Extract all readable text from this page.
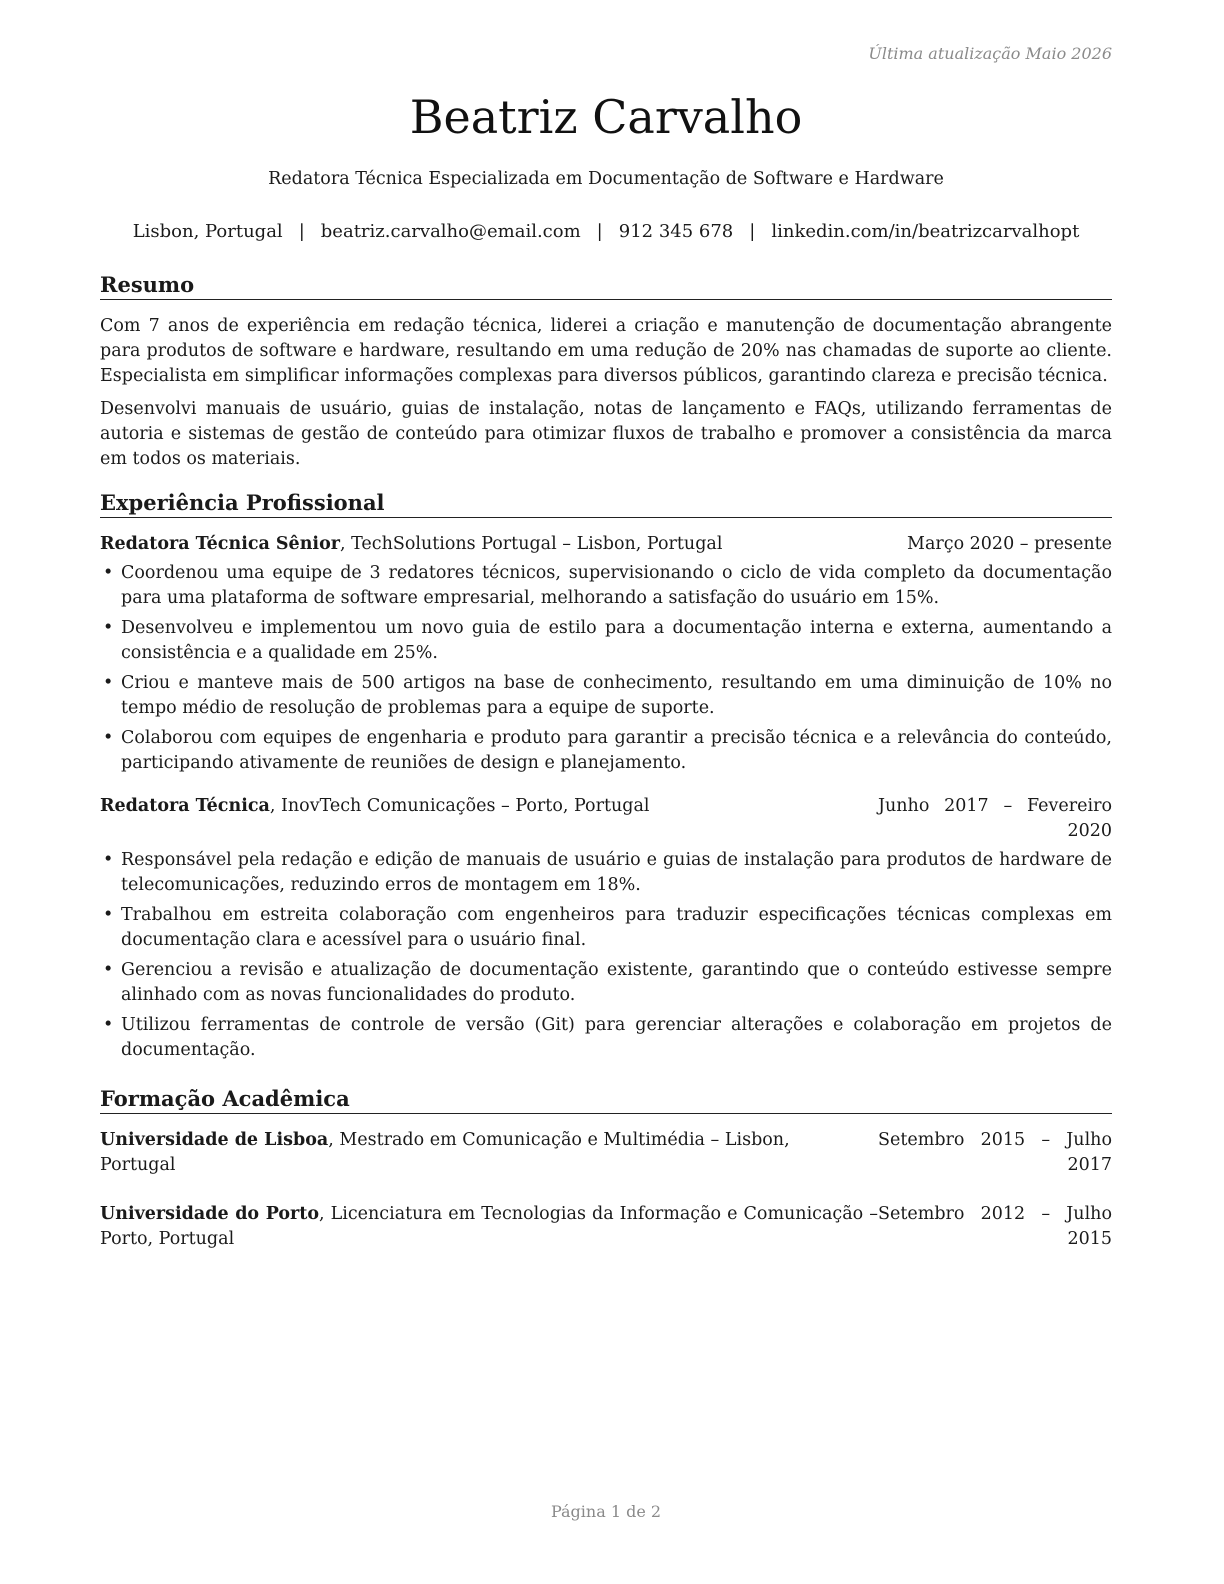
Última atualização Maio 2026
Beatriz Carvalho
Redatora Técnica Especializada em Documentação de Software e Hardware
Lisbon, Portugal | beatriz.carvalho@email.com | 912 345 678 | linkedin.com/in/beatrizcarvalhopt
Resumo

Com 7 anos de experiência em redação técnica, liderei a criação e manutenção de documentação abrangente para produtos de software e hardware, resultando em uma redução de 20% nas chamadas de suporte ao cliente. Especialista em simplificar informações complexas para diversos públicos, garantindo clareza e precisão técnica.

Desenvolvi manuais de usuário, guias de instalação, notas de lançamento e FAQs, utilizando ferramentas de autoria e sistemas de gestão de conteúdo para otimizar fluxos de trabalho e promover a consistência da marca em todos os materiais.

Experiência Profissional
Redatora Técnica Sênior, TechSolutions Portugal – Lisbon, Portugal	Março 2020 – presente
• Coordenou uma equipe de 3 redatores técnicos, supervisionando o ciclo de vida completo da documentação para uma plataforma de software empresarial, melhorando a satisfação do usuário em 15%.
• Desenvolveu e implementou um novo guia de estilo para a documentação interna e externa, aumentando a consistência e a qualidade em 25%.
• Criou e manteve mais de 500 artigos na base de conhecimento, resultando em uma diminuição de 10% no tempo médio de resolução de problemas para a equipe de suporte.
• Colaborou com equipes de engenharia e produto para garantir a precisão técnica e a relevância do conteúdo, participando ativamente de reuniões de design e planejamento.
Redatora Técnica, InovTech Comunicações – Porto, Portugal	Junho 2017 – Fevereiro
2020
• Responsável pela redação e edição de manuais de usuário e guias de instalação para produtos de hardware de telecomunicações, reduzindo erros de montagem em 18%.
• Trabalhou em estreita colaboração com engenheiros para traduzir especificações técnicas complexas em documentação clara e acessível para o usuário final.
• Gerenciou a revisão e atualização de documentação existente, garantindo que o conteúdo estivesse sempre alinhado com as novas funcionalidades do produto.
• Utilizou ferramentas de controle de versão (Git) para gerenciar alterações e colaboração em projetos de documentação.
Formação Acadêmica
Universidade de Lisboa, Mestrado em Comunicação e Multimédia – Lisbon, Portugal
Setembro 2015 – Julho
2017
Universidade do Porto, Licenciatura em Tecnologias da Informação e Comunicação – Porto, Portugal
Setembro 2012 – Julho
2015
Página 1 de 2
